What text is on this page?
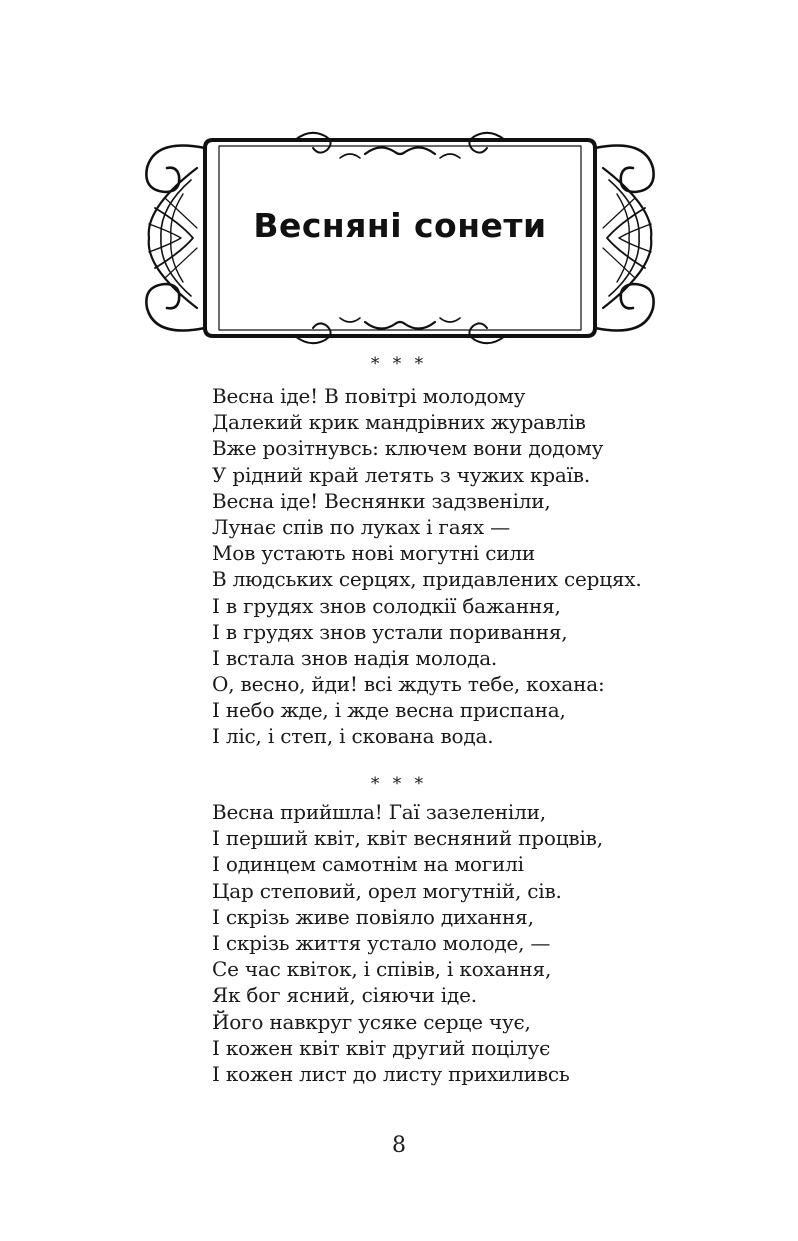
Весняні сонети
* * *
Весна іде! В повітрі молодому
Далекий крик мандрівних журавлів
Вже розітнувсь: ключем вони додому
У рідний край летять з чужих країв.
Весна іде! Веснянки задзвеніли,
Лунає спів по луках і гаях —
Мов устають нові могутні сили
В людських серцях, придавлених серцях.
І в грудях знов солодкії бажання,
І в грудях знов устали поривання,
І встала знов надія молода.
О, весно, йди! всі ждуть тебе, кохана:
І небо жде, і жде весна приспана,
І ліс, і степ, і скована вода.
* * *
Весна прийшла! Гаї зазеленіли,
І перший квіт, квіт весняний процвів,
І одинцем самотнім на могилі
Цар степовий, орел могутній, сів.
І скрізь живе повіяло дихання,
І скрізь життя устало молоде, —
Се час квіток, і співів, і кохання,
Як бог ясний, сіяючи іде.
Його навкруг усяке серце чує,
І кожен квіт квіт другий поцілує
І кожен лист до листу прихиливсь
8
